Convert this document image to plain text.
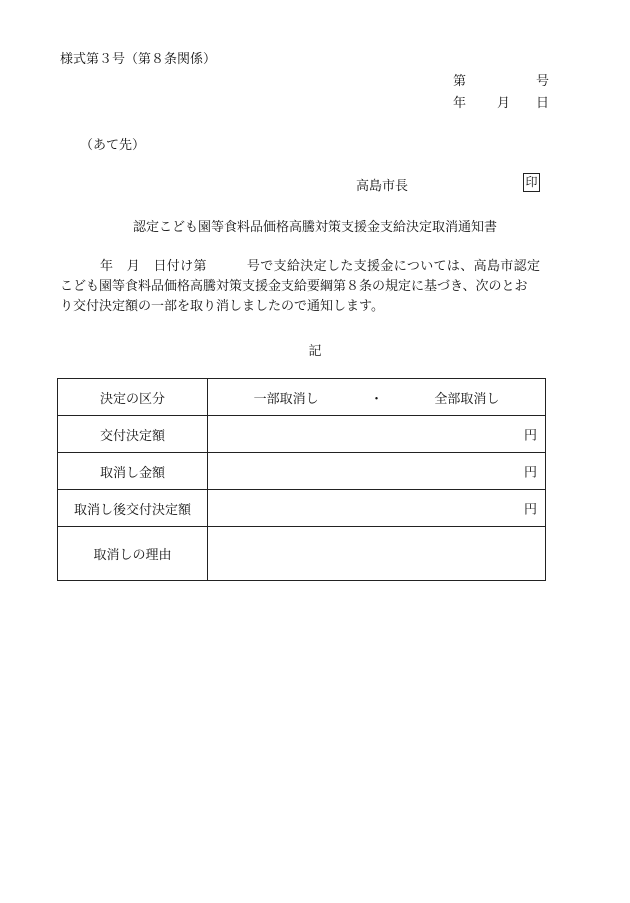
様式第３号（第８条関係）
第	号
年 月 日
（あて先）
高島市長	印
認定こども園等食料品価格高騰対策支援金支給決定取消通知書
　　　年　月　日付け第　　　号で支給決定した支援金については、高島市認定
こども園等食料品価格高騰対策支援金支給要綱第８条の規定に基づき、次のとお
り交付決定額の一部を取り消しましたので通知します。
記
決定の区分	一部取消し ・ 全部取消し

交付決定額	円

取消し金額	円

取消し後交付決定額	円

取消しの理由	
